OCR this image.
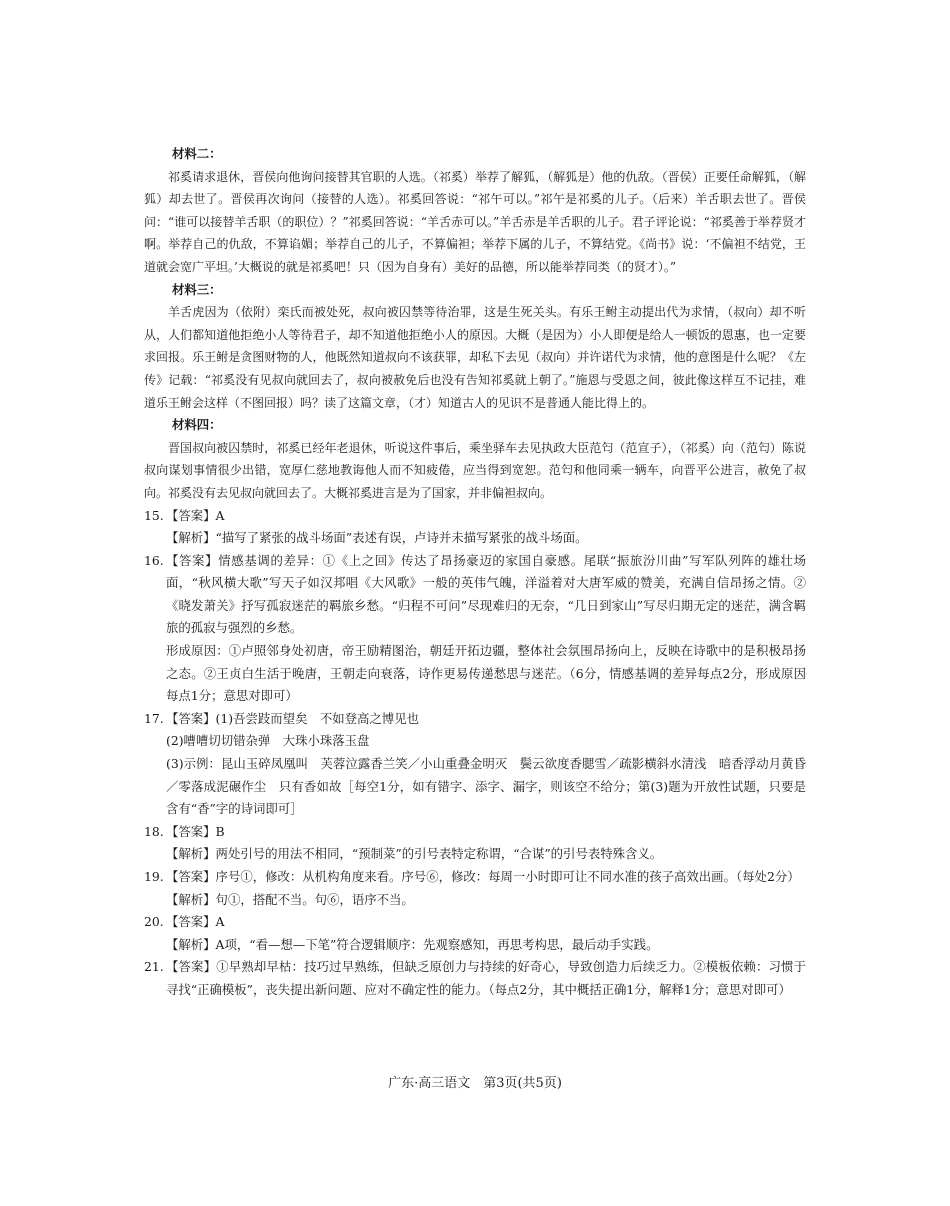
材料二：
祁奚请求退休，晋侯向他询问接替其官职的人选。（祁奚）举荐了解狐，（解狐是）他的仇敌。（晋侯）正要任命解狐，（解狐）却去世了。晋侯再次询问（接替的人选）。祁奚回答说：“祁午可以。”祁午是祁奚的儿子。（后来）羊舌职去世了。晋侯问：“谁可以接替羊舌职（的职位）？”祁奚回答说：“羊舌赤可以。”羊舌赤是羊舌职的儿子。君子评论说：“祁奚善于举荐贤才啊。举荐自己的仇敌，不算谄媚；举荐自己的儿子，不算偏袒；举荐下属的儿子，不算结党。《尚书》说：‘不偏袒不结党，王道就会宽广平坦。’大概说的就是祁奚吧！只（因为自身有）美好的品德，所以能举荐同类（的贤才）。”
材料三：
羊舌虎因为（依附）栾氏而被处死，叔向被囚禁等待治罪，这是生死关头。有乐王鲋主动提出代为求情，（叔向）却不听从，人们都知道他拒绝小人等待君子，却不知道他拒绝小人的原因。大概（是因为）小人即便是给人一顿饭的恩惠，也一定要求回报。乐王鲋是贪图财物的人，他既然知道叔向不该获罪，却私下去见（叔向）并许诺代为求情，他的意图是什么呢？《左传》记载：“祁奚没有见叔向就回去了，叔向被赦免后也没有告知祁奚就上朝了。”施恩与受恩之间，彼此像这样互不记挂，难道乐王鲋会这样（不图回报）吗？读了这篇文章，（才）知道古人的见识不是普通人能比得上的。
材料四：
晋国叔向被囚禁时，祁奚已经年老退休，听说这件事后，乘坐驿车去见执政大臣范匄（范宣子），（祁奚）向（范匄）陈说叔向谋划事情很少出错，宽厚仁慈地教诲他人而不知疲倦，应当得到宽恕。范匄和他同乘一辆车，向晋平公进言，赦免了叔向。祁奚没有去见叔向就回去了。大概祁奚进言是为了国家，并非偏袒叔向。
15. 【答案】A
【解析】“描写了紧张的战斗场面”表述有误，卢诗并未描写紧张的战斗场面。
16. 【答案】情感基调的差异：①《上之回》传达了昂扬豪迈的家国自豪感。尾联“振旅汾川曲”写军队列阵的雄壮场面，“秋风横大歌”写天子如汉邦唱《大风歌》一般的英伟气魄，洋溢着对大唐军威的赞美，充满自信昂扬之情。②《晓发萧关》抒写孤寂迷茫的羁旅乡愁。“归程不可问”尽现难归的无奈，“几日到家山”写尽归期无定的迷茫，满含羁旅的孤寂与强烈的乡愁。
形成原因：①卢照邻身处初唐，帝王励精图治，朝廷开拓边疆，整体社会氛围昂扬向上，反映在诗歌中的是积极昂扬之态。②王贞白生活于晚唐，王朝走向衰落，诗作更易传递愁思与迷茫。（6分，情感基调的差异每点2分，形成原因每点1分；意思对即可）
17. 【答案】(1)吾尝跂而望矣　不如登高之博见也
(2)嘈嘈切切错杂弹　大珠小珠落玉盘
(3)示例：昆山玉碎凤凰叫　芙蓉泣露香兰笑／小山重叠金明灭　鬓云欲度香腮雪／疏影横斜水清浅　暗香浮动月黄昏／零落成泥碾作尘　只有香如故［每空1分，如有错字、添字、漏字，则该空不给分；第(3)题为开放性试题，只要是含有“香”字的诗词即可］
18. 【答案】B
【解析】两处引号的用法不相同，“预制菜”的引号表特定称谓，“合谋”的引号表特殊含义。
19. 【答案】序号①，修改：从机构角度来看。序号⑥，修改：每周一小时即可让不同水准的孩子高效出画。（每处2分）
【解析】句①，搭配不当。句⑥，语序不当。
20. 【答案】A
【解析】A项，“看—想—下笔”符合逻辑顺序：先观察感知，再思考构思，最后动手实践。
21. 【答案】①早熟却早枯：技巧过早熟练，但缺乏原创力与持续的好奇心，导致创造力后续乏力。②模板依赖：习惯于寻找“正确模板”，丧失提出新问题、应对不确定性的能力。（每点2分，其中概括正确1分，解释1分；意思对即可）
广东·高三语文　第3页(共5页)
